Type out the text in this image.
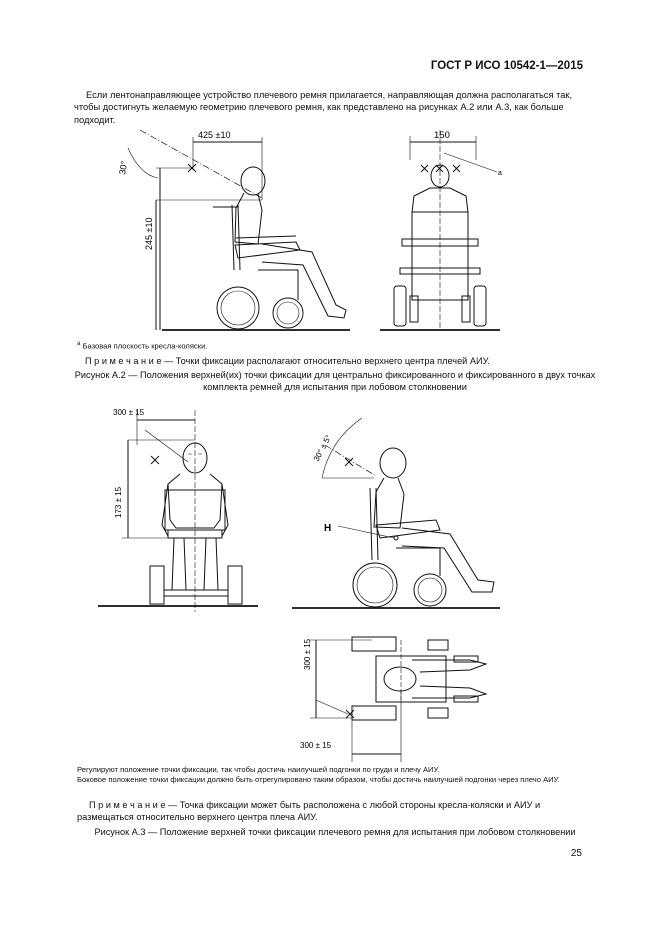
ГОСТ Р ИСО 10542-1—2015
Если лентонаправляющее устройство плечевого ремня прилагается, направляющая должна располагаться так, чтобы достигнуть желаемую геометрию плечевого ремня, как представлено на рисунках А.2 или А.3, как больше подходит.
425 ±10
245 ±10
30°
150
a
300 ± 15
173 ± 15
30° ± 5°
H
300 ± 15
300 ± 15
$^а$ Базовая плоскость кресла-коляски.
П р и м е ч а н и е — Точки фиксации располагают относительно верхнего центра плечей АИУ.
Рисунок А.2 — Положения верхней(их) точки фиксации для центрально фиксированного и фиксированного в двух точках комплекта ремней для испытания при лобовом столкновении
Регулируют положение точки фиксации, так чтобы достичь наилучшей подгонки по груди и плечу АИУ.
Боковое положение точки фиксации должно быть отрегулировано таким образом, чтобы достичь наилучшей подгонки через плечо АИУ.
П р и м е ч а н и е — Точка фиксации может быть расположена с любой стороны кресла-коляски и АИУ и размещаться относительно верхнего центра плеча АИУ.
Рисунок А.3 — Положение верхней точки фиксации плечевого ремня для испытания при лобовом столкновении
25
